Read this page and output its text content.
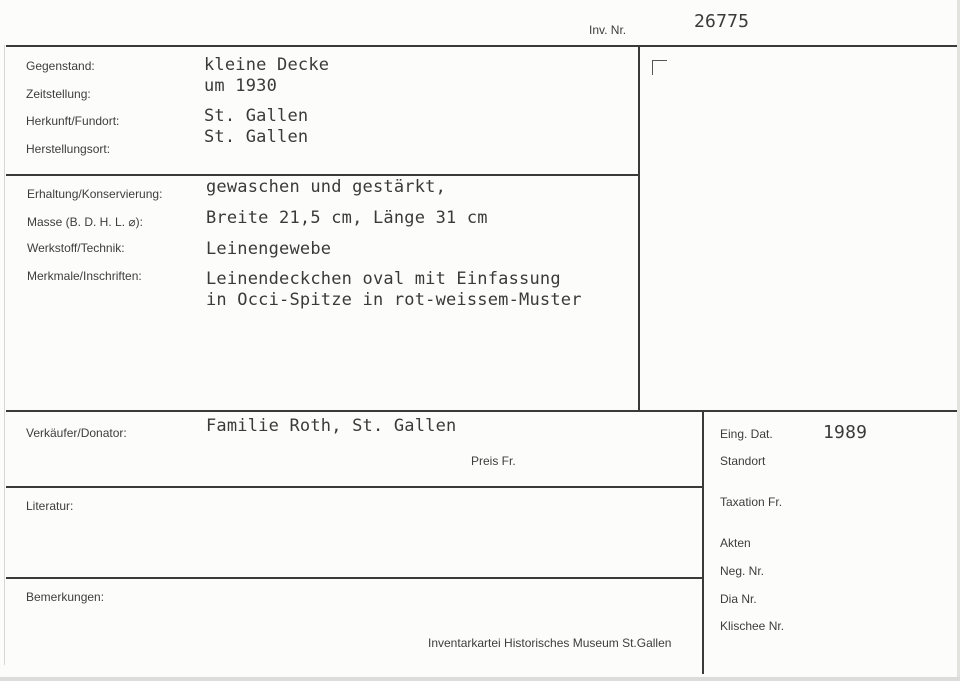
Inv. Nr.	26775
Gegenstand:	kleine Decke
Zeitstellung:	um 1930
Herkunft/Fundort:	St. Gallen
Herstellungsort:
St. Gallen
Erhaltung/Konservierung:	gewaschen und gestärkt,
Masse (B. D. H. L. ⌀):	Breite 21,5 cm, Länge 31 cm
Werkstoff/Technik:	Leinengewebe
Merkmale/Inschriften:	Leinendeckchen oval mit Einfassung
in Occi-Spitze in rot-weissem-Muster
Verkäufer/Donator:	Familie Roth, St. Gallen
Preis Fr.
Literatur:
Bemerkungen:
Inventarkartei Historisches Museum St.Gallen
Eing. Dat.	1989
Standort
Taxation Fr.
Akten
Neg. Nr.
Dia Nr.
Klischee Nr.
